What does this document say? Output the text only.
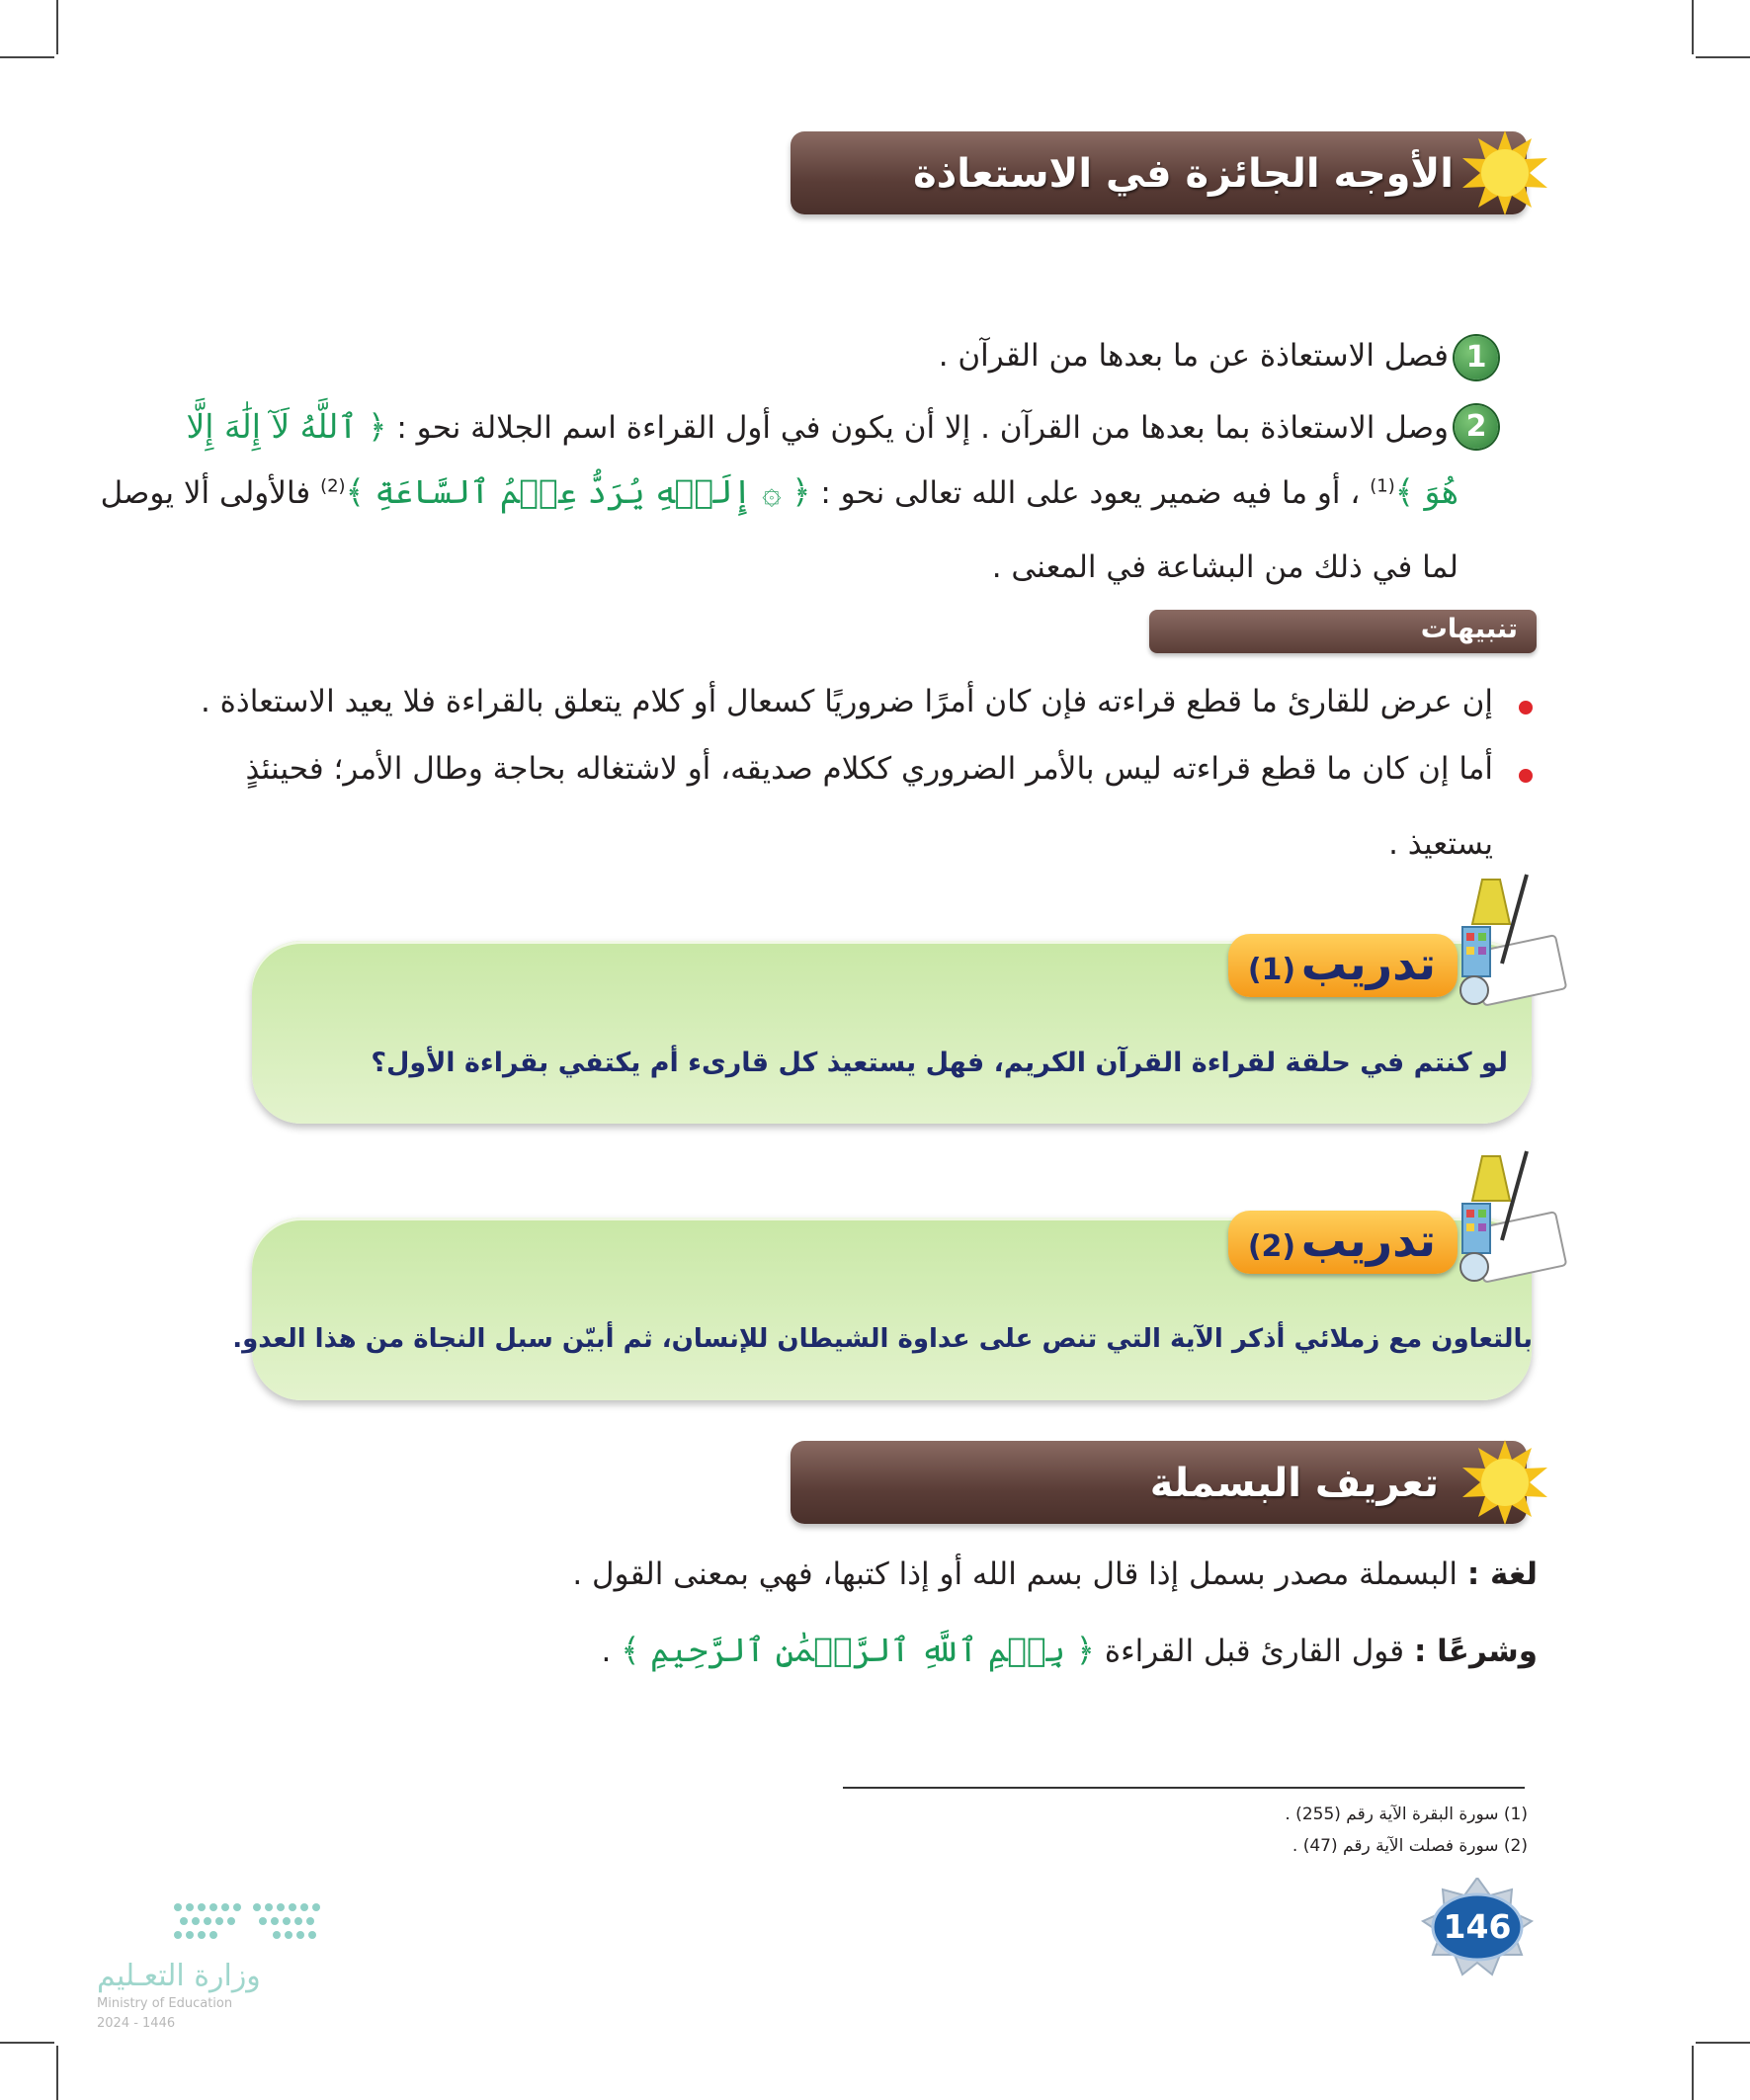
الأوجه الجائزة في الاستعاذة
1
فصل الاستعاذة عن ما بعدها من القرآن .
2
وصل الاستعاذة بما بعدها من القرآن . إلا أن يكون في أول القراءة اسم الجلالة نحو : ﴿ ٱللَّهُ لَآ إِلَٰهَ إِلَّا
هُوَ ﴾$^{(1)}$ ، أو ما فيه ضمير يعود على الله تعالى نحو : ﴿ ۞ إِلَيۡهِ يُرَدُّ عِلۡمُ ٱلسَّاعَةِ ﴾$^{(2)}$ فالأولى ألا يوصل
لما في ذلك من البشاعة في المعنى .
تنبيهات
إن عرض للقارئ ما قطع قراءته فإن كان أمرًا ضروريًا كسعال أو كلام يتعلق بالقراءة فلا يعيد الاستعاذة .
أما إن كان ما قطع قراءته ليس بالأمر الضروري ككلام صديقه، أو لاشتغاله بحاجة وطال الأمر؛ فحينئذٍ
يستعيذ .
تدريب (1)
لو كنتم في حلقة لقراءة القرآن الكريم، فهل يستعيذ كل قارىء أم يكتفي بقراءة الأول؟
تدريب (2)
بالتعاون مع زملائي أذكر الآية التي تنص على عداوة الشيطان للإنسان، ثم أبيّن سبل النجاة من هذا العدو.
تعريف البسملة
لغة : البسملة مصدر بسمل إذا قال بسم الله أو إذا كتبها، فهي بمعنى القول .
وشرعًا : قول القارئ قبل القراءة ﴿ بِسۡمِ ٱللَّهِ ٱلرَّحۡمَٰنِ ٱلرَّحِيمِ ﴾ .
(1) سورة البقرة الآية رقم (255) .
(2) سورة فصلت الآية رقم (47) .
146
وزارة التعـليم
Ministry of Education
2024 - 1446
